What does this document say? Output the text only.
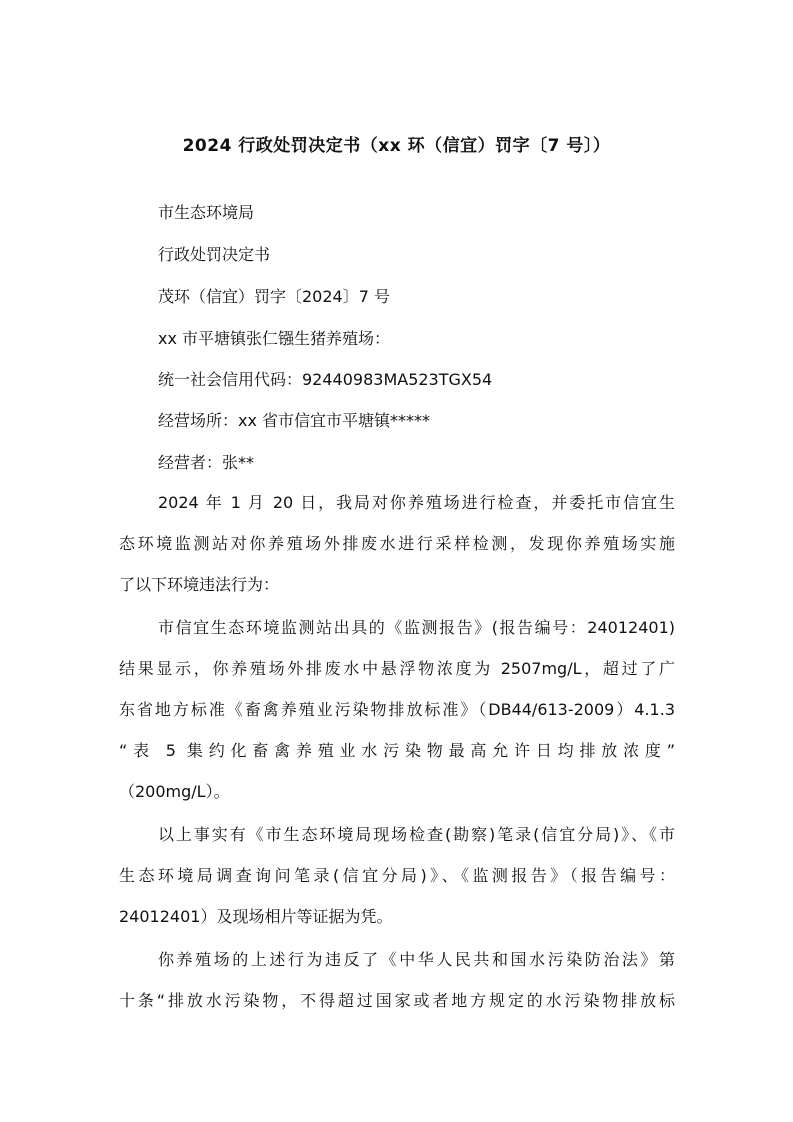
2024 行政处罚决定书（xx 环（信宜）罚字〔7 号〕）
市生态环境局
行政处罚决定书
茂环（信宜）罚字〔2024〕7 号
xx 市平塘镇张仁镪生猪养殖场：
统一社会信用代码：92440983MA523TGX54
经营场所：xx 省市信宜市平塘镇*****
经营者：张**
2024 年 1 月 20 日，我局对你养殖场进行检查，并委托市信宜生
态环境监测站对你养殖场外排废水进行采样检测，发现你养殖场实施
了以下环境违法行为：
市信宜生态环境监测站出具的《监测报告》(报告编号：24012401)
结果显示，你养殖场外排废水中悬浮物浓度为 2507mg/L，超过了广
东省地方标准《畜禽养殖业污染物排放标准》（DB44/613-2009）4.1.3
“表 5 集约化畜禽养殖业水污染物最高允许日均排放浓度”
（200mg/L）。
以上事实有《市生态环境局现场检查(勘察)笔录(信宜分局)》、《市
生态环境局调查询问笔录(信宜分局)》、《监测报告》（报告编号：
24012401）及现场相片等证据为凭。
你养殖场的上述行为违反了《中华人民共和国水污染防治法》第
十条“排放水污染物，不得超过国家或者地方规定的水污染物排放标
